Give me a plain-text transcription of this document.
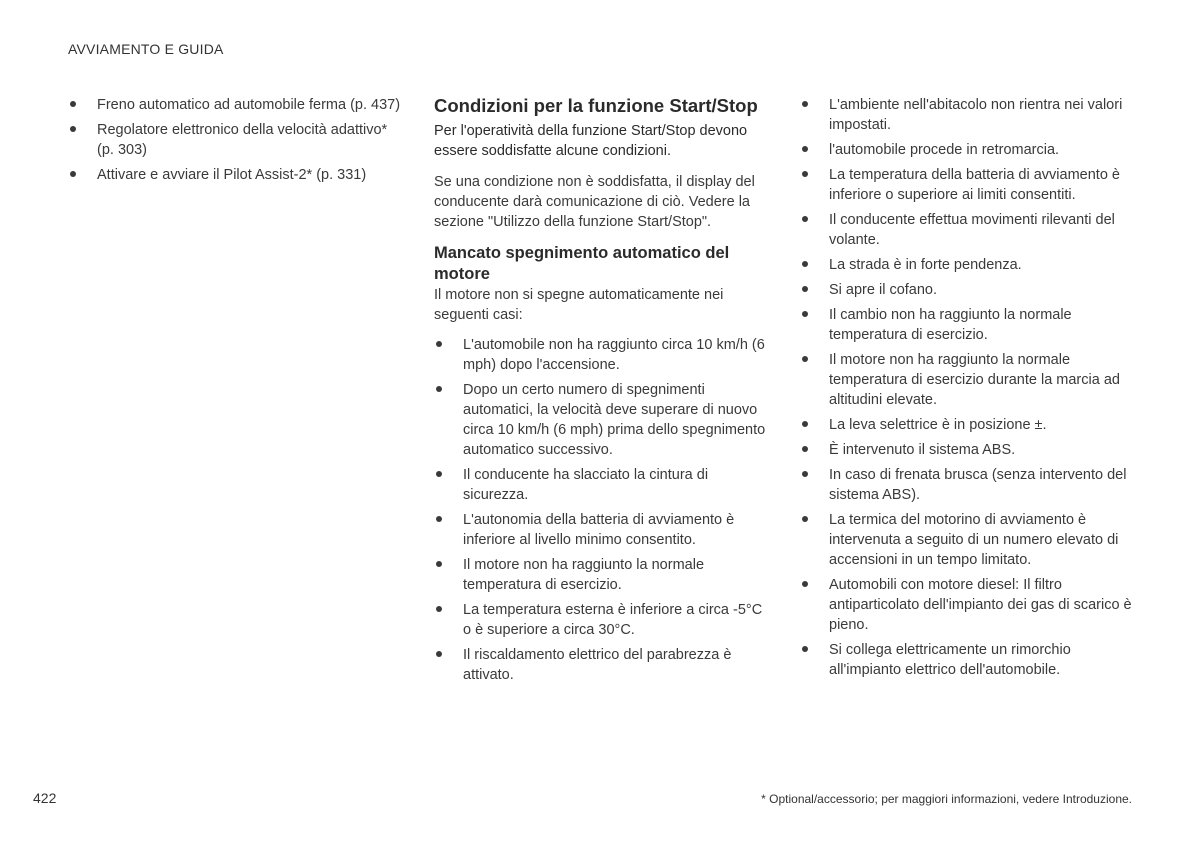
AVVIAMENTO E GUIDA
Freno automatico ad automobile ferma (p. 437)
Regolatore elettronico della velocità adattivo* (p. 303)
Attivare e avviare il Pilot Assist-2* (p. 331)
Condizioni per la funzione Start/Stop

Per l'operatività della funzione Start/Stop devono essere soddisfatte alcune condizioni.

Se una condizione non è soddisfatta, il display del conducente darà comunicazione di ciò. Vedere la sezione "Utilizzo della funzione Start/Stop".

Mancato spegnimento automatico del motore

Il motore non si spegne automaticamente nei seguenti casi:

L'automobile non ha raggiunto circa 10 km/h (6 mph) dopo l'accensione.
Dopo un certo numero di spegnimenti automatici, la velocità deve superare di nuovo circa 10 km/h (6 mph) prima dello spegnimento automatico successivo.
Il conducente ha slacciato la cintura di sicurezza.
L'autonomia della batteria di avviamento è inferiore al livello minimo consentito.
Il motore non ha raggiunto la normale temperatura di esercizio.
La temperatura esterna è inferiore a circa -5°C o è superiore a circa 30°C.
Il riscaldamento elettrico del parabrezza è attivato.
L'ambiente nell'abitacolo non rientra nei valori impostati.
l'automobile procede in retromarcia.
La temperatura della batteria di avviamento è inferiore o superiore ai limiti consentiti.
Il conducente effettua movimenti rilevanti del volante.
La strada è in forte pendenza.
Si apre il cofano.
Il cambio non ha raggiunto la normale temperatura di esercizio.
Il motore non ha raggiunto la normale temperatura di esercizio durante la marcia ad altitudini elevate.
La leva selettrice è in posizione ±.
È intervenuto il sistema ABS.
In caso di frenata brusca (senza intervento del sistema ABS).
La termica del motorino di avviamento è intervenuta a seguito di un numero elevato di accensioni in un tempo limitato.
Automobili con motore diesel: Il filtro antiparticolato dell'impianto dei gas di scarico è pieno.
Si collega elettricamente un rimorchio all'impianto elettrico dell'automobile.
422	* Optional/accessorio; per maggiori informazioni, vedere Introduzione.
